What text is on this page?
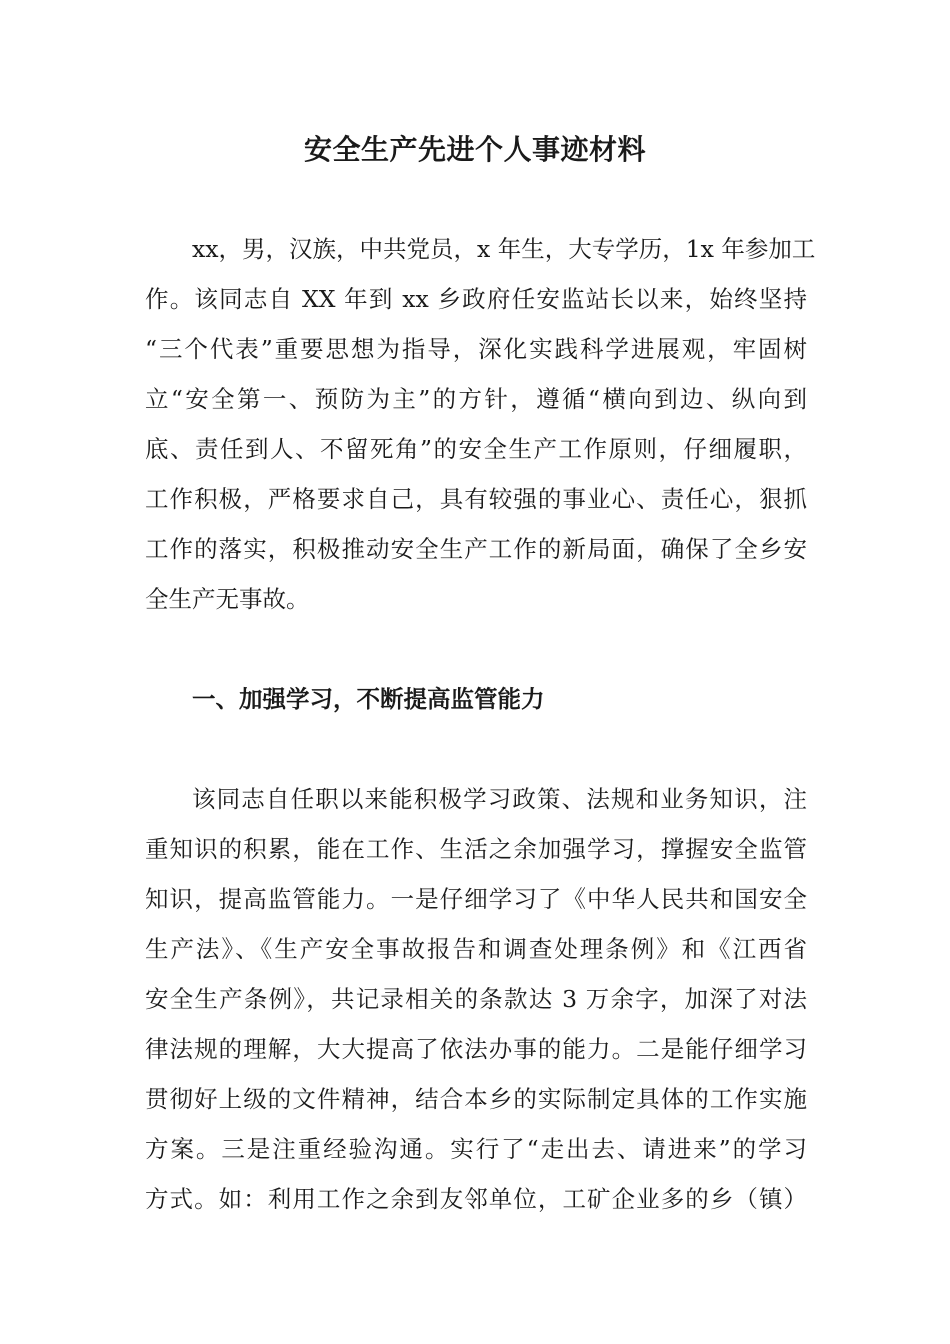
安全生产先进个人事迹材料
xx，男，汉族，中共党员，x 年生，大专学历，1x 年参加工
作。该同志自 XX 年到 xx 乡政府任安监站长以来，始终坚持
“三个代表”重要思想为指导，深化实践科学进展观，牢固树
立“安全第一、预防为主”的方针，遵循“横向到边、纵向到
底、责任到人、不留死角”的安全生产工作原则，仔细履职，
工作积极，严格要求自己，具有较强的事业心、责任心，狠抓
工作的落实，积极推动安全生产工作的新局面，确保了全乡安
全生产无事故。
一、加强学习，不断提高监管能力
该同志自任职以来能积极学习政策、法规和业务知识，注
重知识的积累，能在工作、生活之余加强学习，撑握安全监管
知识，提高监管能力。一是仔细学习了《中华人民共和国安全
生产法》、《生产安全事故报告和调查处理条例》和《江西省
安全生产条例》，共记录相关的条款达 3 万余字，加深了对法
律法规的理解，大大提高了依法办事的能力。二是能仔细学习
贯彻好上级的文件精神，结合本乡的实际制定具体的工作实施
方案。三是注重经验沟通。实行了“走出去、请进来”的学习
方式。如：利用工作之余到友邻单位，工矿企业多的乡（镇）
